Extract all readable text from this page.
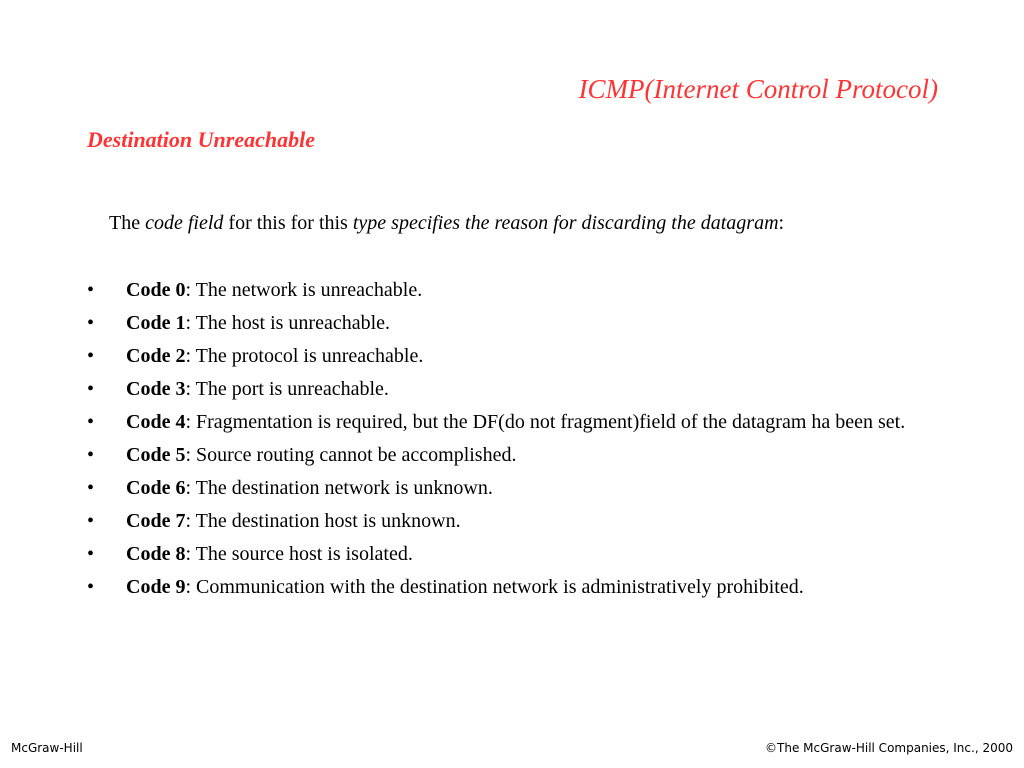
ICMP(Internet Control Protocol)
Destination Unreachable
The code field for this for this type specifies the reason for discarding the datagram:
• Code 0: The network is unreachable.
• Code 1: The host is unreachable.
• Code 2: The protocol is unreachable.
• Code 3: The port is unreachable.
• Code 4: Fragmentation is required, but the DF(do not fragment)field of the datagram ha been set.
• Code 5: Source routing cannot be accomplished.
• Code 6: The destination network is unknown.
• Code 7: The destination host is unknown.
• Code 8: The source host is isolated.
• Code 9: Communication with the destination network is administratively prohibited.
McGraw-Hill	©The McGraw-Hill Companies, Inc., 2000
